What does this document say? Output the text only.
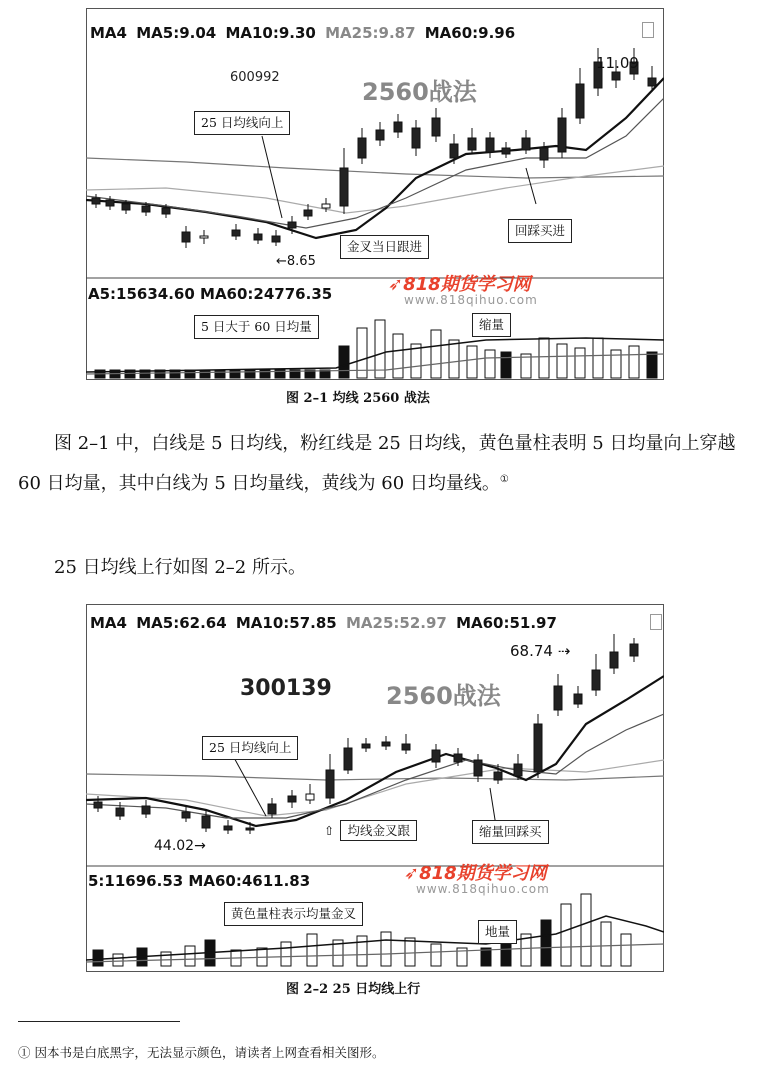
MA4 MA5:9.04 MA10:9.30 MA25:9.87 MA60:9.96
600992
2560战法
11.09
←8.65
25 日均线向上
金叉当日跟进
回踩买进
5 日大于 60 日均量	缩量
A5:15634.60 MA60:24776.35	➶818期货学习网
www.818qihuo.com
图 2–1 均线 2560 战法
图 2–1 中，白线是 5 日均线，粉红线是 25 日均线，黄色量柱表明 5 日均量向上穿越 60 日均量，其中白线为 5 日均量线，黄线为 60 日均量线。①
25 日均线上行如图 2–2 所示。
MA4 MA5:62.64 MA10:57.85 MA25:52.97 MA60:51.97
300139 2560战法
68.74 ⇢
44.02→
25 日均线向上
⇧ 均线金叉跟	缩量回踩买
黄色量柱表示均量金叉
地量
5:11696.53 MA60:4611.83	➶818期货学习网
www.818qihuo.com
图 2–2 25 日均线上行
① 因本书是白底黑字，无法显示颜色，请读者上网查看相关图形。
